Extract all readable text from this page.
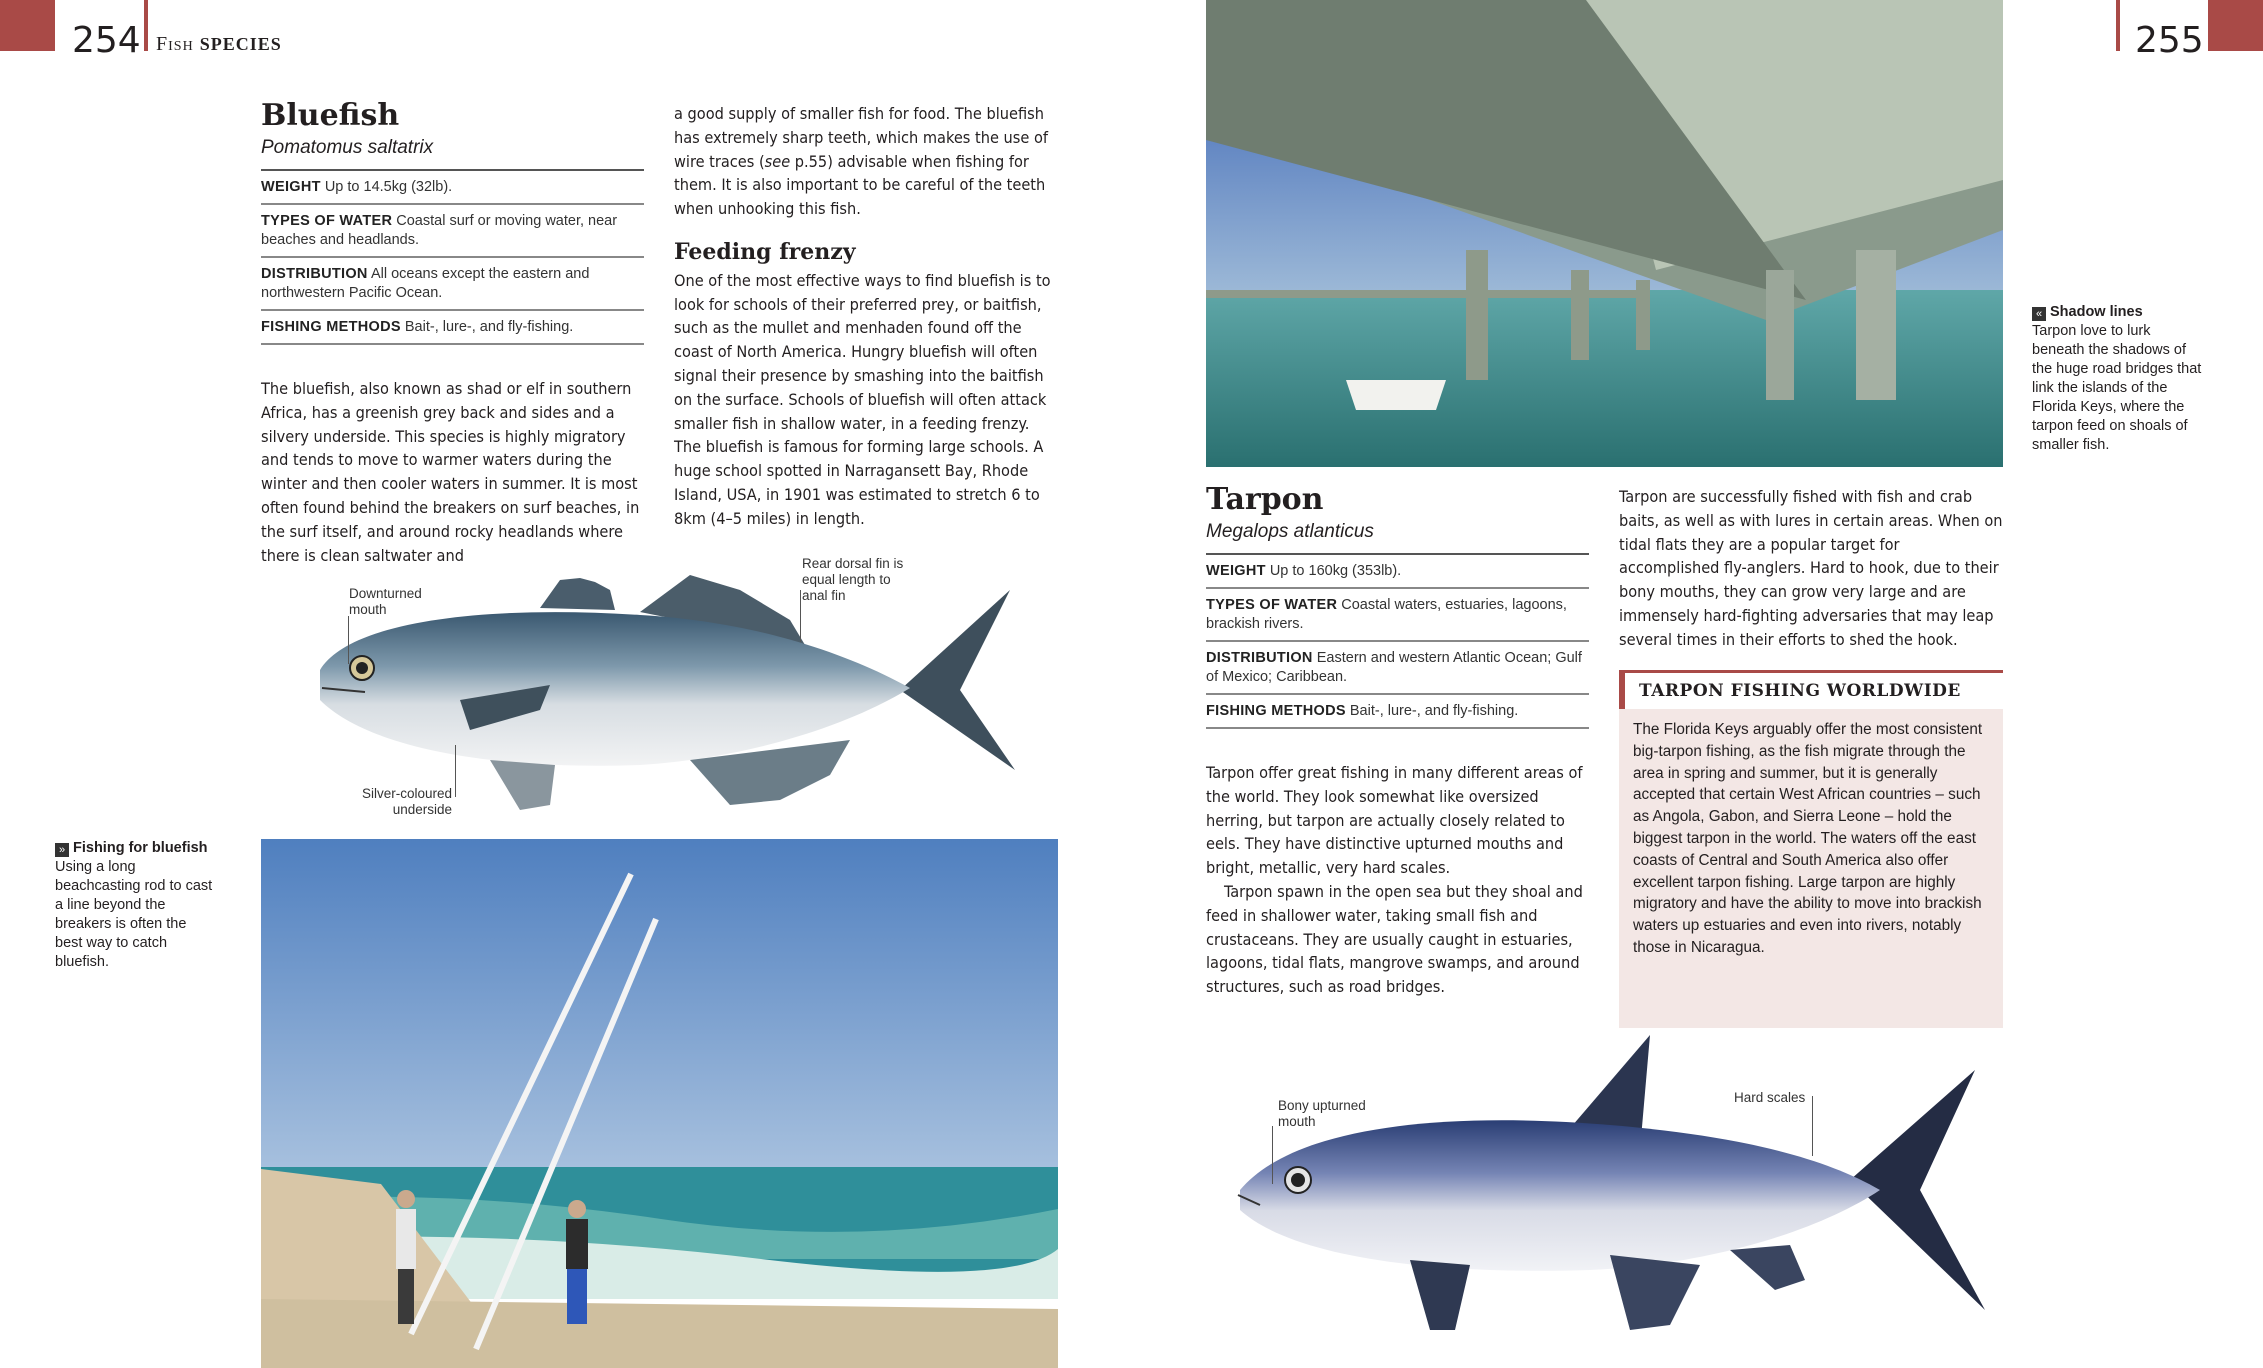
254 Fish SPECIES
Bluefish
Pomatomus saltatrix
WEIGHT Up to 14.5kg (32lb).
TYPES OF WATER Coastal surf or moving water, near beaches and headlands.
DISTRIBUTION All oceans except the eastern and northwestern Pacific Ocean.
FISHING METHODS Bait-, lure-, and fly-fishing.

The bluefish, also known as shad or elf in southern Africa, has a greenish grey back and sides and a silvery underside. This species is highly migratory and tends to move to warmer waters during the winter and then cooler waters in summer. It is most often found behind the breakers on surf beaches, in the surf itself, and around rocky headlands where there is clean saltwater and

a good supply of smaller fish for food. The bluefish has extremely sharp teeth, which makes the use of wire traces (see p.55) advisable when fishing for them. It is also important to be careful of the teeth when unhooking this fish.

Feeding frenzy

One of the most effective ways to find bluefish is to look for schools of their preferred prey, or baitfish, such as the mullet and menhaden found off the coast of North America. Hungry bluefish will often signal their presence by smashing into the baitfish on the surface. Schools of bluefish will often attack smaller fish in shallow water, in a feeding frenzy. The bluefish is famous for forming large schools. A huge school spotted in Narragansett Bay, Rhode Island, USA, in 1901 was estimated to stretch 6 to 8km (4–5 miles) in length.

Downturned mouth
Rear dorsal fin is equal length to anal fin
Silver-coloured underside
» Fishing for bluefish Using a long beachcasting rod to cast a line beyond the breakers is often the best way to catch bluefish.
255
« Shadow lines
Tarpon love to lurk beneath the shadows of the huge road bridges that link the islands of the Florida Keys, where the tarpon feed on shoals of smaller fish.
Tarpon
Megalops atlanticus
WEIGHT Up to 160kg (353lb).
TYPES OF WATER Coastal waters, estuaries, lagoons, brackish rivers.
DISTRIBUTION Eastern and western Atlantic Ocean; Gulf of Mexico; Caribbean.
FISHING METHODS Bait-, lure-, and fly-fishing.

Tarpon offer great fishing in many different areas of the world. They look somewhat like oversized herring, but tarpon are actually closely related to eels. They have distinctive upturned mouths and bright, metallic, very hard scales.

Tarpon spawn in the open sea but they shoal and feed in shallower water, taking small fish and crustaceans. They are usually caught in estuaries, lagoons, tidal flats, mangrove swamps, and around structures, such as road bridges.

Tarpon are successfully fished with fish and crab baits, as well as with lures in certain areas. When on tidal flats they are a popular target for accomplished fly-anglers. Hard to hook, due to their bony mouths, they can grow very large and are immensely hard-fighting adversaries that may leap several times in their efforts to shed the hook.

TARPON FISHING WORLDWIDE
The Florida Keys arguably offer the most consistent big-tarpon fishing, as the fish migrate through the area in spring and summer, but it is generally accepted that certain West African countries – such as Angola, Gabon, and Sierra Leone – hold the biggest tarpon in the world. The waters off the east coasts of Central and South America also offer excellent tarpon fishing. Large tarpon are highly migratory and have the ability to move into brackish waters up estuaries and even into rivers, notably those in Nicaragua.
Bony upturned mouth
Hard scales
